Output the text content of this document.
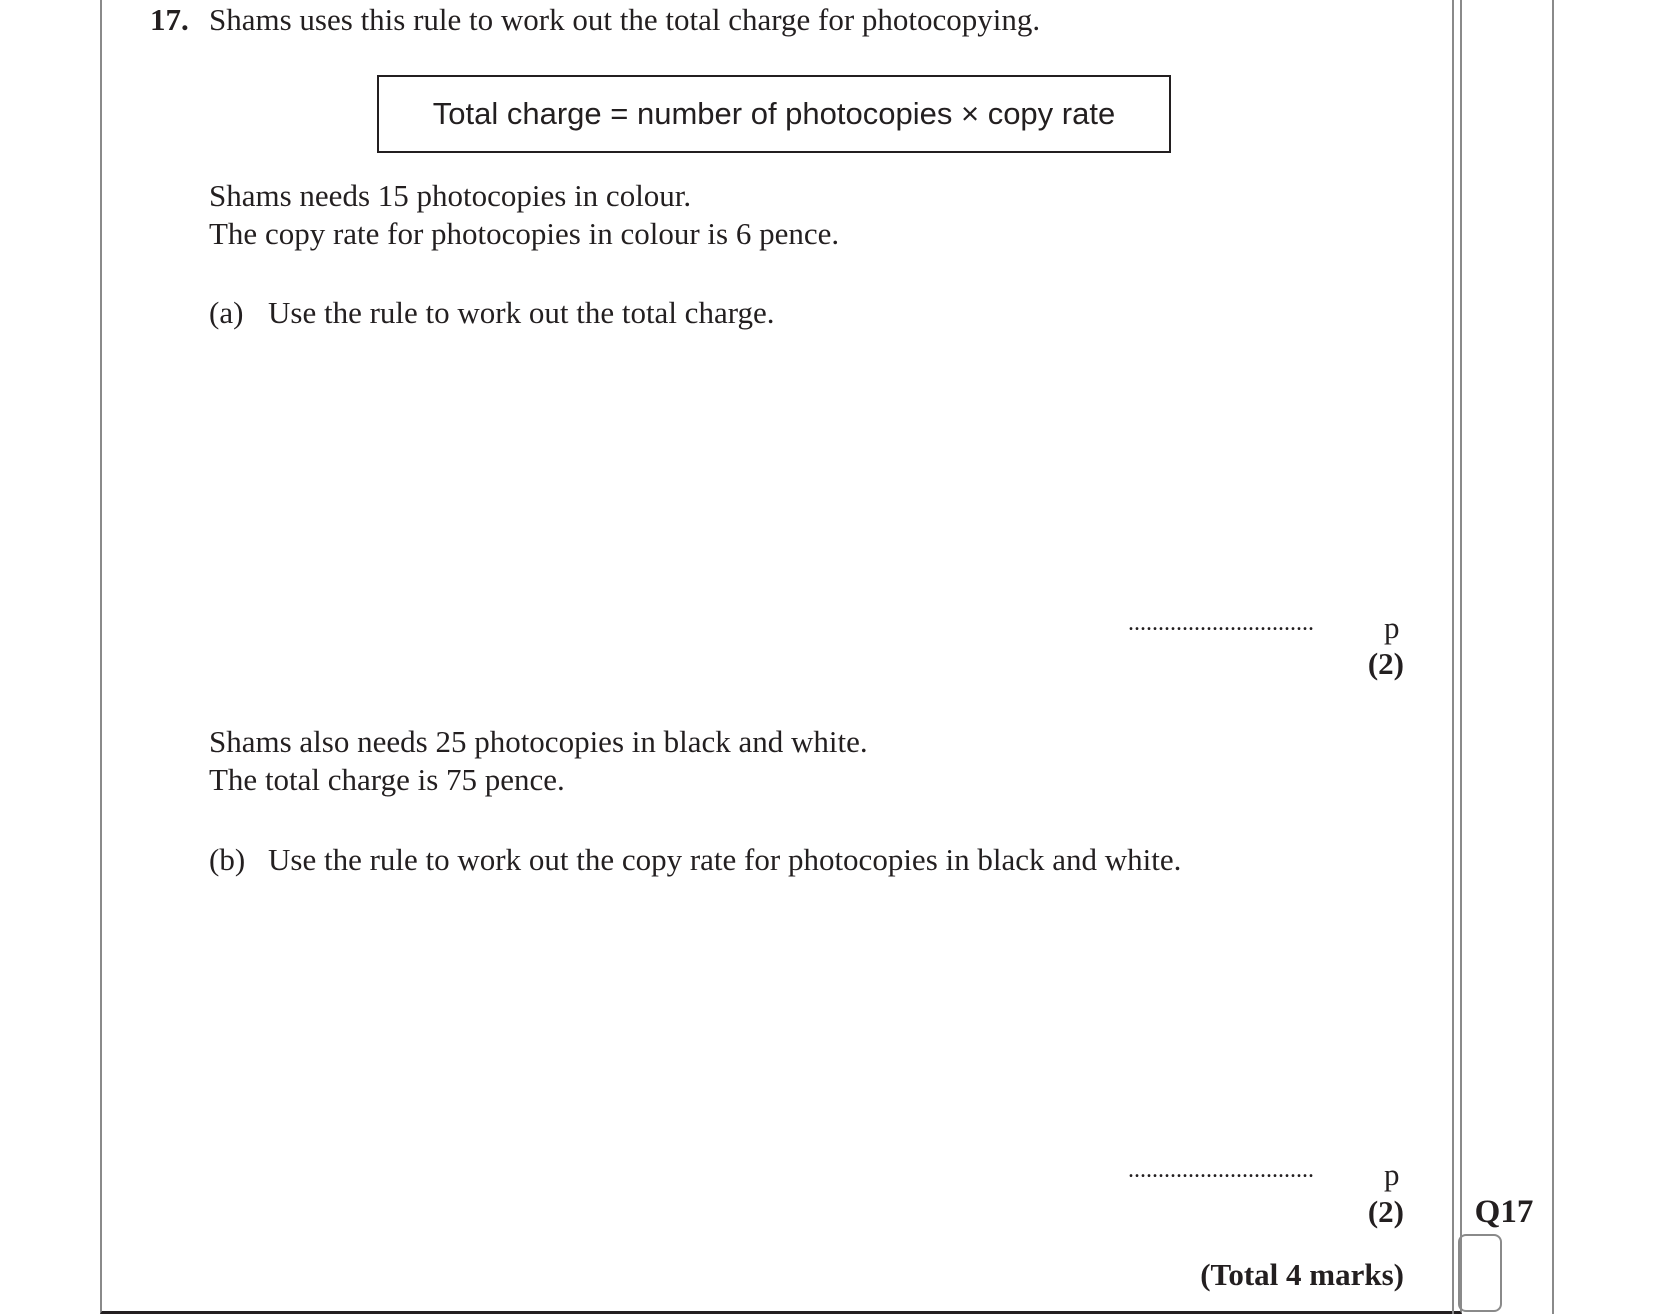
17. Shams uses this rule to work out the total charge for photocopying.
Total charge = number of photocopies × copy rate
Shams needs 15 photocopies in colour.
The copy rate for photocopies in colour is 6 pence.
(a) Use the rule to work out the total charge.
............................... p
(2)
Shams also needs 25 photocopies in black and white.
The total charge is 75 pence.
(b) Use the rule to work out the copy rate for photocopies in black and white.
............................... p
(2)
(Total 4 marks)
Q17
